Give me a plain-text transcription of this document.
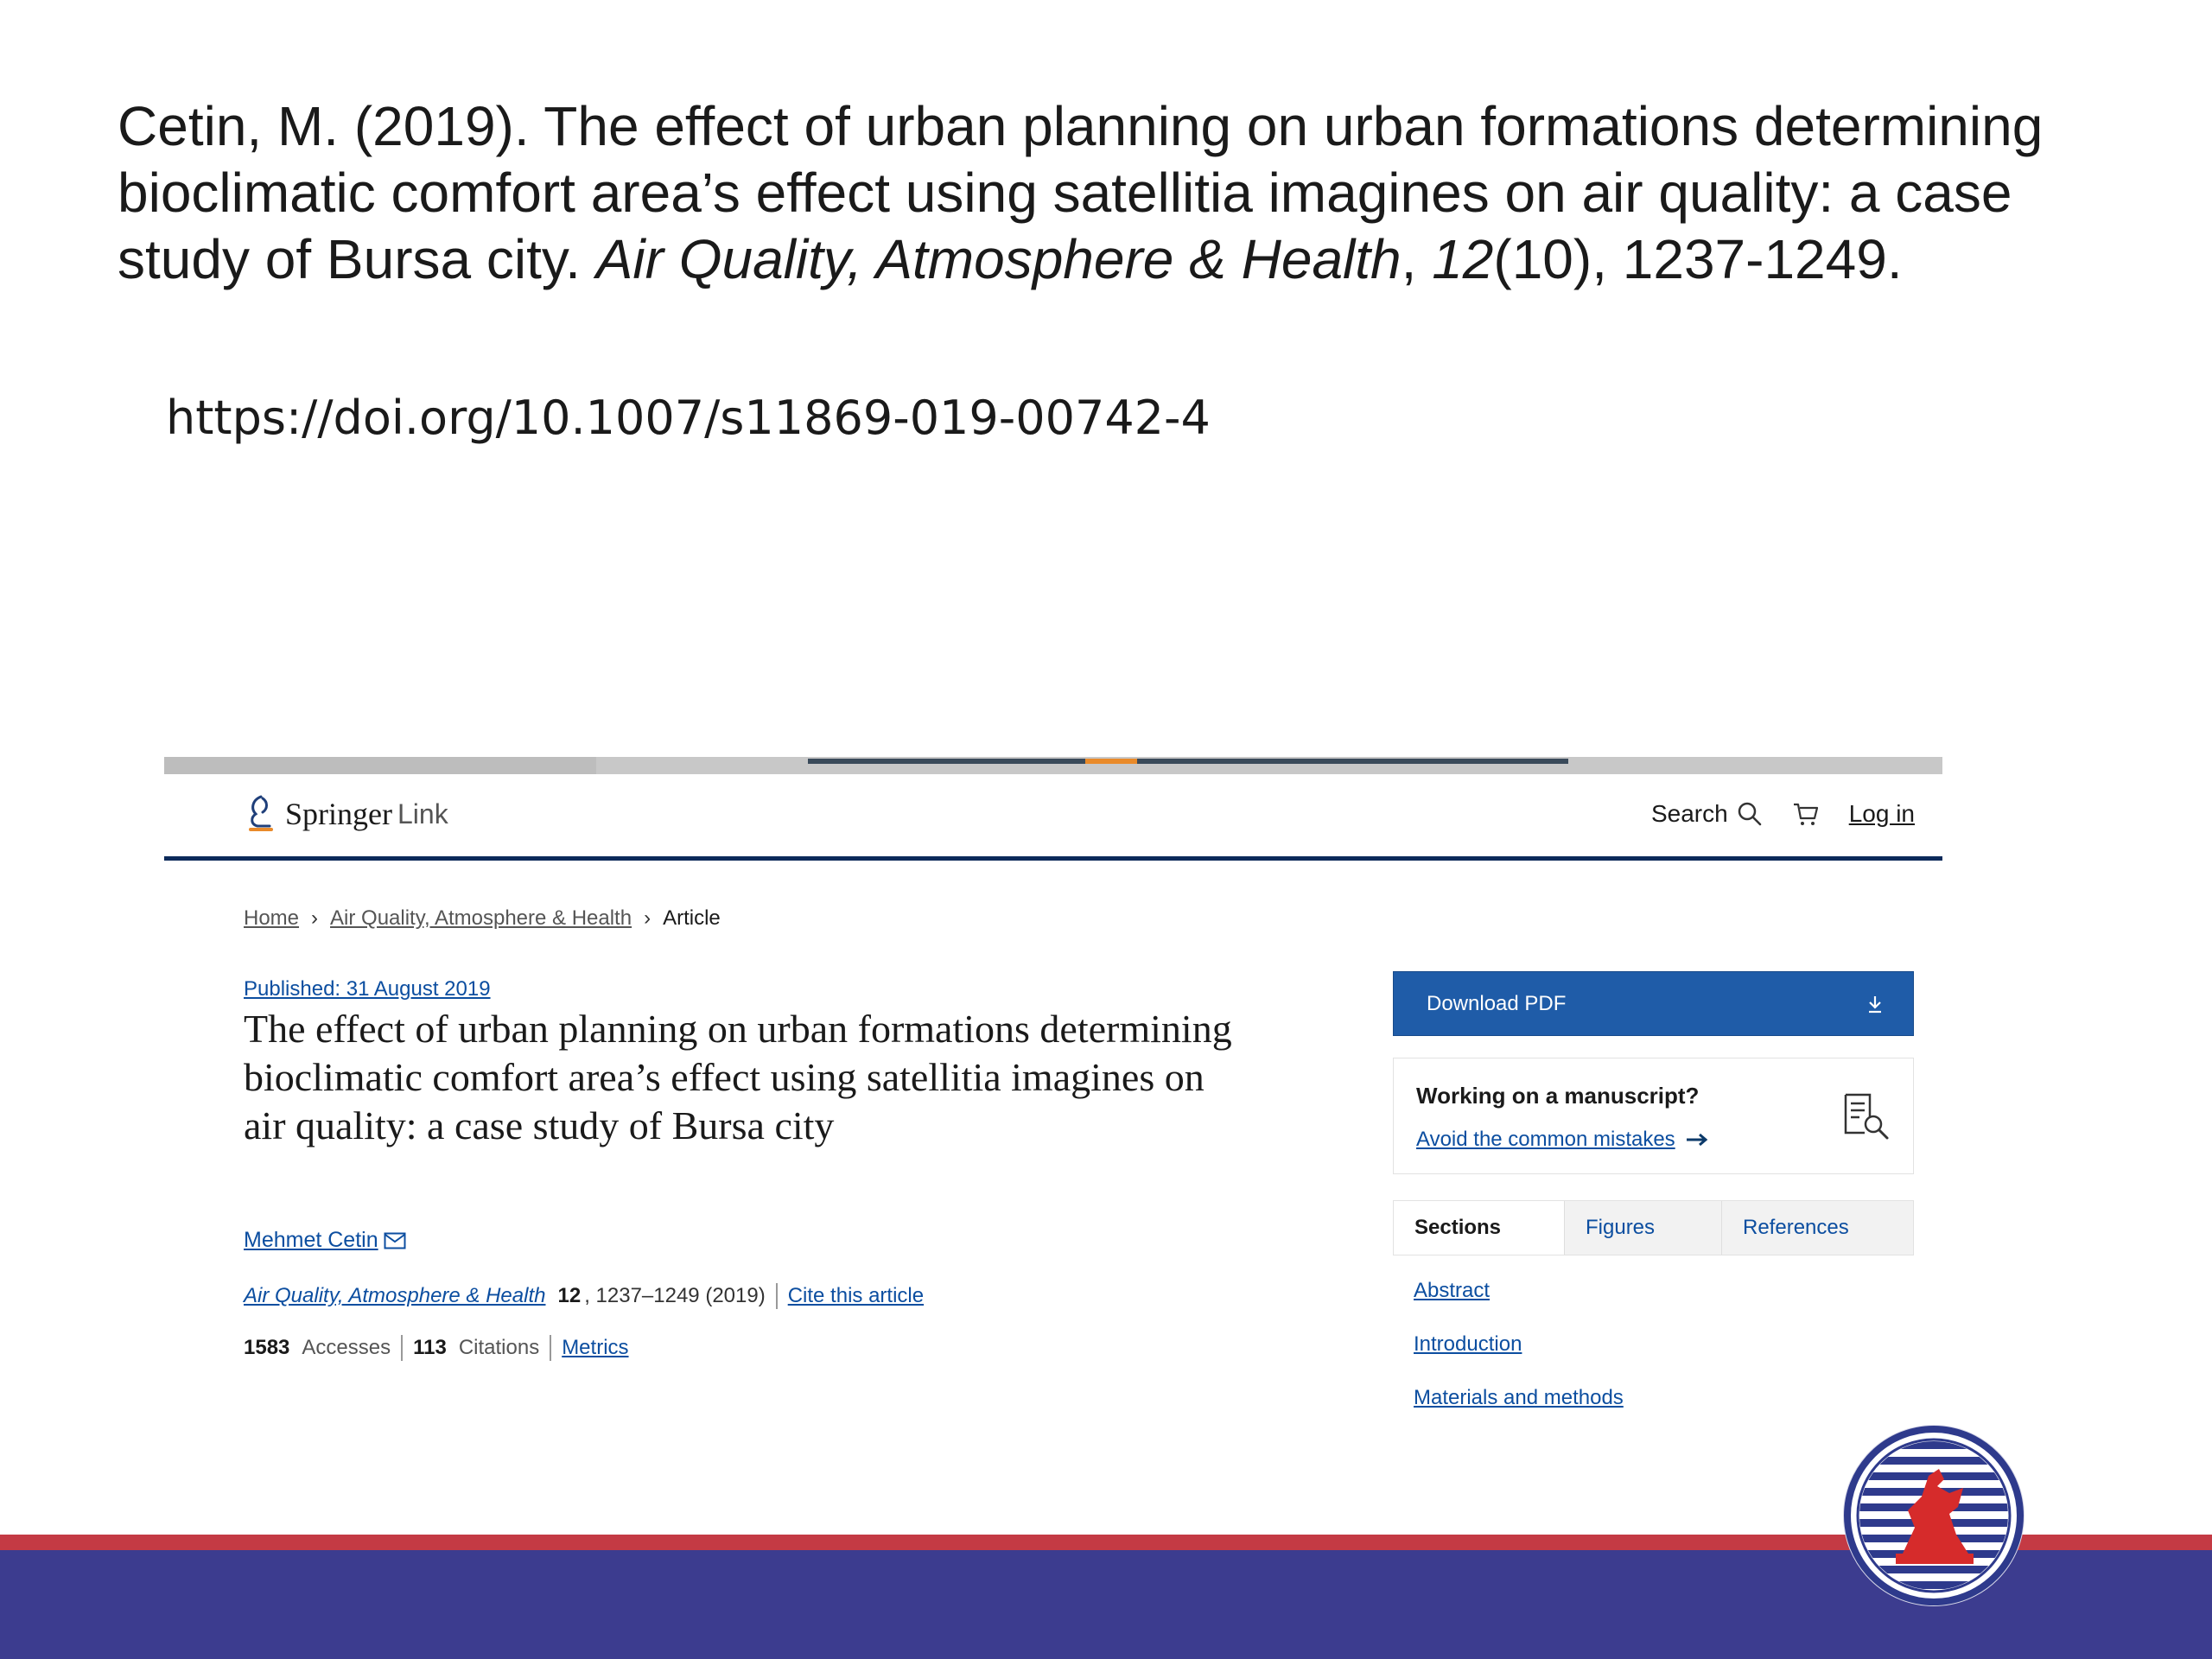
Cetin, M. (2019). The effect of urban planning on urban formations determining bioclimatic comfort area’s effect using satellitia imagines on air quality: a case study of Bursa city. Air Quality, Atmosphere & Health, 12(10), 1237-1249.
https://doi.org/10.1007/s11869-019-00742-4
Springer Link	Search	Log in
Home › Air Quality, Atmosphere & Health › Article
Published: 31 August 2019
The effect of urban planning on urban formations determining bioclimatic comfort area’s effect using satellitia imagines on air quality: a case study of Bursa city
Mehmet Cetin
Air Quality, Atmosphere & Health 12 , 1237–1249 (2019) Cite this article
1583 Accesses 113 Citations Metrics
Download PDF
Working on a manuscript?
Avoid the common mistakes
Sections	Figures	References
Abstract
Introduction
Materials and methods
